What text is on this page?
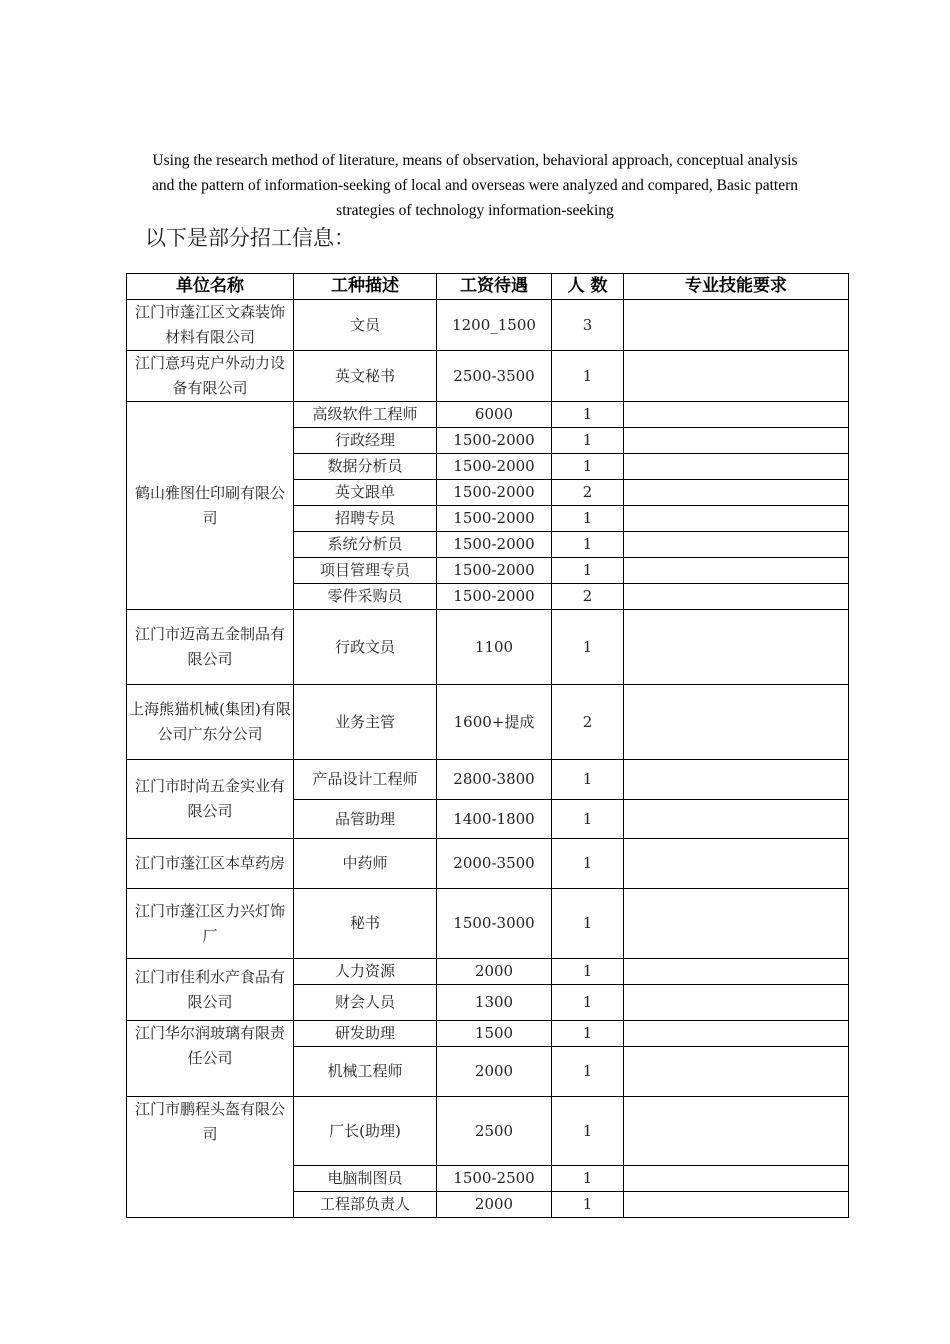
Using the research method of literature, means of observation, behavioral approach, conceptual analysis and the pattern of information-seeking of local and overseas were analyzed and compared, Basic pattern strategies of technology information-seeking
以下是部分招工信息：
单位名称	工种描述	工资待遇	人 数	专业技能要求
江门市蓬江区文森装饰材料有限公司	文员	1200_1500	3	
江门意玛克户外动力设备有限公司	英文秘书	2500-3500	1	
鹤山雅图仕印刷有限公司	高级软件工程师	6000	1	
	行政经理	1500-2000	1	
	数据分析员	1500-2000	1	
	英文跟单	1500-2000	2	
	招聘专员	1500-2000	1	
	系统分析员	1500-2000	1	
	项目管理专员	1500-2000	1	
	零件采购员	1500-2000	2	
江门市迈高五金制品有限公司	行政文员	1100	1	
上海熊猫机械(集团)有限公司广东分公司	业务主管	1600+提成	2	
江门市时尚五金实业有限公司	产品设计工程师	2800-3800	1	
	品管助理	1400-1800	1	
江门市蓬江区本草药房	中药师	2000-3500	1	
江门市蓬江区力兴灯饰厂	秘书	1500-3000	1	
江门市佳利水产食品有限公司	人力资源	2000	1	
	财会人员	1300	1	
江门华尔润玻璃有限责任公司	研发助理	1500	1	
	机械工程师	2000	1	
江门市鹏程头盔有限公司	厂长(助理)	2500	1	
	电脑制图员	1500-2500	1	
	工程部负责人	2000	1	
